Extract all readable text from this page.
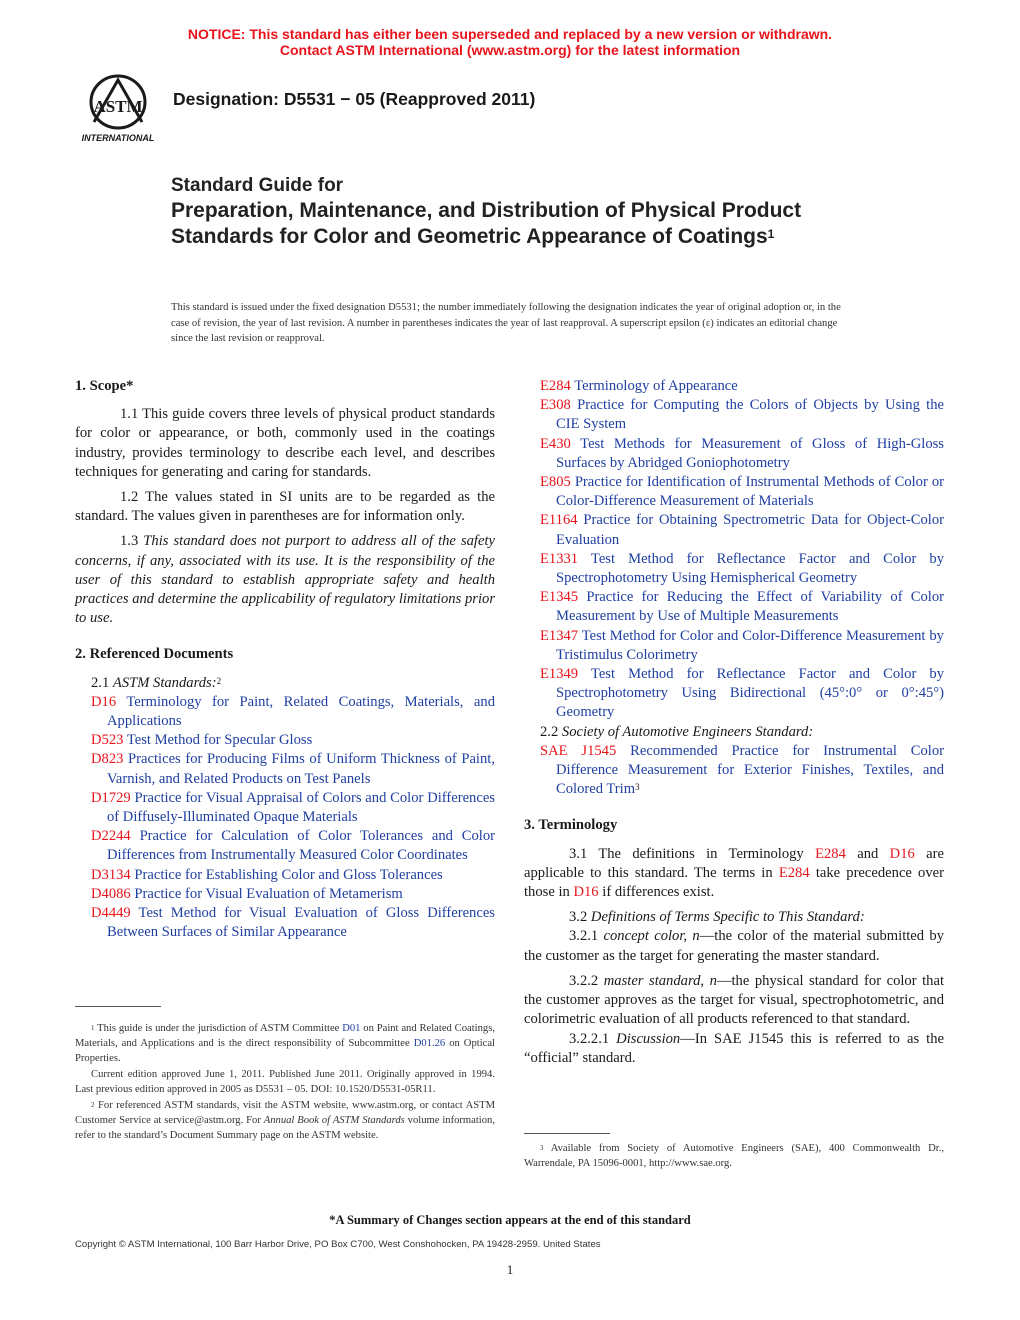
NOTICE: This standard has either been superseded and replaced by a new version or withdrawn.
Contact ASTM International (www.astm.org) for the latest information
ASTM
INTERNATIONAL
Designation: D5531 − 05 (Reapproved 2011)
Standard Guide for
Preparation, Maintenance, and Distribution of Physical Product Standards for Color and Geometric Appearance of Coatings$^1$
This standard is issued under the fixed designation D5531; the number immediately following the designation indicates the year of original adoption or, in the case of revision, the year of last revision. A number in parentheses indicates the year of last reapproval. A superscript epsilon (ε) indicates an editorial change since the last revision or reapproval.
1. Scope*

1.1 This guide covers three levels of physical product standards for color or appearance, or both, commonly used in the coatings industry, provides terminology to describe each level, and describes techniques for generating and caring for standards.

1.2 The values stated in SI units are to be regarded as the standard. The values given in parentheses are for information only.

1.3 This standard does not purport to address all of the safety concerns, if any, associated with its use. It is the responsibility of the user of this standard to establish appropriate safety and health practices and determine the applicability of regulatory limitations prior to use.

2. Referenced Documents
2.1 ASTM Standards:$^2$
D16 Terminology for Paint, Related Coatings, Materials, and Applications
D523 Test Method for Specular Gloss
D823 Practices for Producing Films of Uniform Thickness of Paint, Varnish, and Related Products on Test Panels
D1729 Practice for Visual Appraisal of Colors and Color Differences of Diffusely-Illuminated Opaque Materials
D2244 Practice for Calculation of Color Tolerances and Color Differences from Instrumentally Measured Color Coordinates
D3134 Practice for Establishing Color and Gloss Tolerances
D4086 Practice for Visual Evaluation of Metamerism
D4449 Test Method for Visual Evaluation of Gloss Differences Between Surfaces of Similar Appearance
E284 Terminology of Appearance
E308 Practice for Computing the Colors of Objects by Using the CIE System
E430 Test Methods for Measurement of Gloss of High-Gloss Surfaces by Abridged Goniophotometry
E805 Practice for Identification of Instrumental Methods of Color or Color-Difference Measurement of Materials
E1164 Practice for Obtaining Spectrometric Data for Object-Color Evaluation
E1331 Test Method for Reflectance Factor and Color by Spectrophotometry Using Hemispherical Geometry
E1345 Practice for Reducing the Effect of Variability of Color Measurement by Use of Multiple Measurements
E1347 Test Method for Color and Color-Difference Measurement by Tristimulus Colorimetry
E1349 Test Method for Reflectance Factor and Color by Spectrophotometry Using Bidirectional (45°:0° or 0°:45°) Geometry
2.2 Society of Automotive Engineers Standard:
SAE J1545 Recommended Practice for Instrumental Color Difference Measurement for Exterior Finishes, Textiles, and Colored Trim$^3$
3. Terminology

3.1 The definitions in Terminology E284 and D16 are applicable to this standard. The terms in E284 take precedence over those in D16 if differences exist.

3.2 Definitions of Terms Specific to This Standard:

3.2.1 concept color, n—the color of the material submitted by the customer as the target for generating the master standard.

3.2.2 master standard, n—the physical standard for color that the customer approves as the target for visual, spectrophotometric, and colorimetric evaluation of all products referenced to that standard.

3.2.2.1 Discussion—In SAE J1545 this is referred to as the “official” standard.

$^1$ This guide is under the jurisdiction of ASTM Committee D01 on Paint and Related Coatings, Materials, and Applications and is the direct responsibility of Subcommittee D01.26 on Optical Properties.

Current edition approved June 1, 2011. Published June 2011. Originally approved in 1994. Last previous edition approved in 2005 as D5531 – 05. DOI: 10.1520/D5531-05R11.

$^2$ For referenced ASTM standards, visit the ASTM website, www.astm.org, or contact ASTM Customer Service at service@astm.org. For Annual Book of ASTM Standards volume information, refer to the standard’s Document Summary page on the ASTM website.

$^3$ Available from Society of Automotive Engineers (SAE), 400 Commonwealth Dr., Warrendale, PA 15096-0001, http://www.sae.org.

*A Summary of Changes section appears at the end of this standard
Copyright © ASTM International, 100 Barr Harbor Drive, PO Box C700, West Conshohocken, PA 19428-2959. United States
1
